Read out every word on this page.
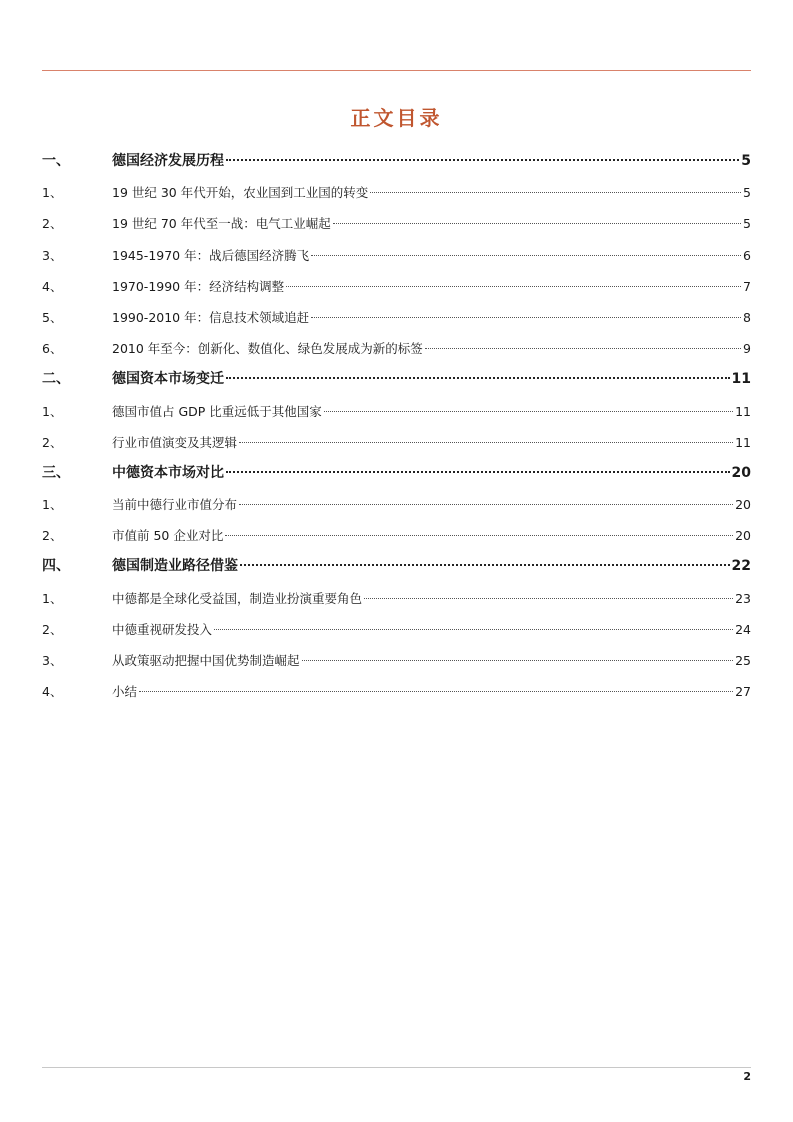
正文目录
一、	德国经济发展历程	5
1、	19 世纪 30 年代开始，农业国到工业国的转变	5
2、	19 世纪 70 年代至一战：电气工业崛起	5
3、	1945-1970 年：战后德国经济腾飞	6
4、	1970-1990 年：经济结构调整	7
5、	1990-2010 年：信息技术领域追赶	8
6、	2010 年至今：创新化、数值化、绿色发展成为新的标签	9
二、	德国资本市场变迁	11
1、	德国市值占 GDP 比重远低于其他国家	11
2、	行业市值演变及其逻辑	11
三、	中德资本市场对比	20
1、	当前中德行业市值分布	20
2、	市值前 50 企业对比	20
四、	德国制造业路径借鉴	22
1、	中德都是全球化受益国，制造业扮演重要角色	23
2、	中德重视研发投入	24
3、	从政策驱动把握中国优势制造崛起	25
4、	小结	27
2
